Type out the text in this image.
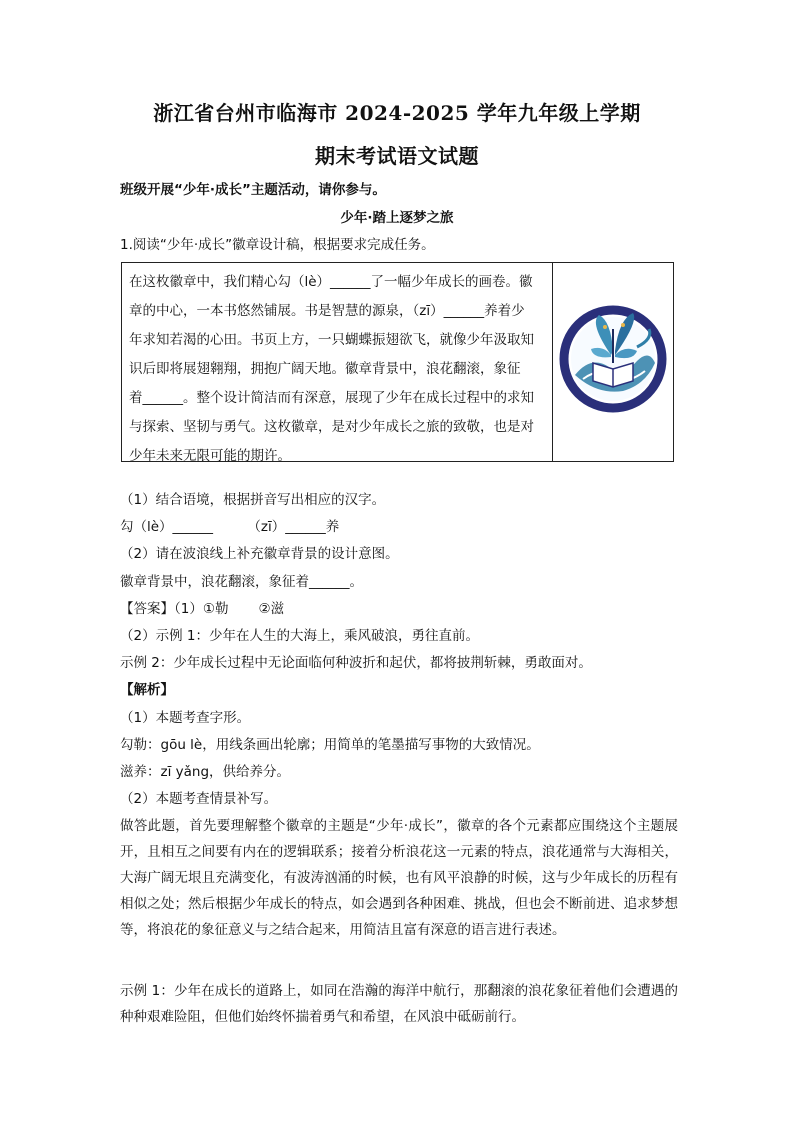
浙江省台州市临海市 2024-2025 学年九年级上学期
期末考试语文试题
班级开展“少年·成长”主题活动，请你参与。
少年·踏上逐梦之旅
1.阅读“少年·成长”徽章设计稿，根据要求完成任务。
在这枚徽章中，我们精心勾（lè）______了一幅少年成长的画卷。徽
章的中心，一本书悠然铺展。书是智慧的源泉，（zī）______养着少
年求知若渴的心田。书页上方，一只蝴蝶振翅欲飞，就像少年汲取知
识后即将展翅翱翔，拥抱广阔天地。徽章背景中，浪花翻滚，象征
着______。整个设计简洁而有深意，展现了少年在成长过程中的求知
与探索、坚韧与勇气。这枚徽章，是对少年成长之旅的致敬，也是对
少年未来无限可能的期许。
（1）结合语境，根据拼音写出相应的汉字。
勾（lè）______        （zī）______养
（2）请在波浪线上补充徽章背景的设计意图。
徽章背景中，浪花翻滚，象征着______。
【答案】（1）①勒       ②滋
（2）示例 1：少年在人生的大海上，乘风破浪，勇往直前。
示例 2：少年成长过程中无论面临何种波折和起伏，都将披荆斩棘，勇敢面对。
【解析】
（1）本题考查字形。
勾勒：gōu lè，用线条画出轮廓；用简单的笔墨描写事物的大致情况。
滋养：zī yǎng，供给养分。
（2）本题考查情景补写。
做答此题，首先要理解整个徽章的主题是“少年·成长”，徽章的各个元素都应围绕这个主题展开，且相互之间要有内在的逻辑联系；接着分析浪花这一元素的特点，浪花通常与大海相关，大海广阔无垠且充满变化，有波涛汹涌的时候，也有风平浪静的时候，这与少年成长的历程有相似之处；然后根据少年成长的特点，如会遇到各种困难、挑战，但也会不断前进、追求梦想等，将浪花的象征意义与之结合起来，用简洁且富有深意的语言进行表述。
示例 1：少年在成长的道路上，如同在浩瀚的海洋中航行，那翻滚的浪花象征着他们会遭遇的种种艰难险阻，但他们始终怀揣着勇气和希望，在风浪中砥砺前行。
